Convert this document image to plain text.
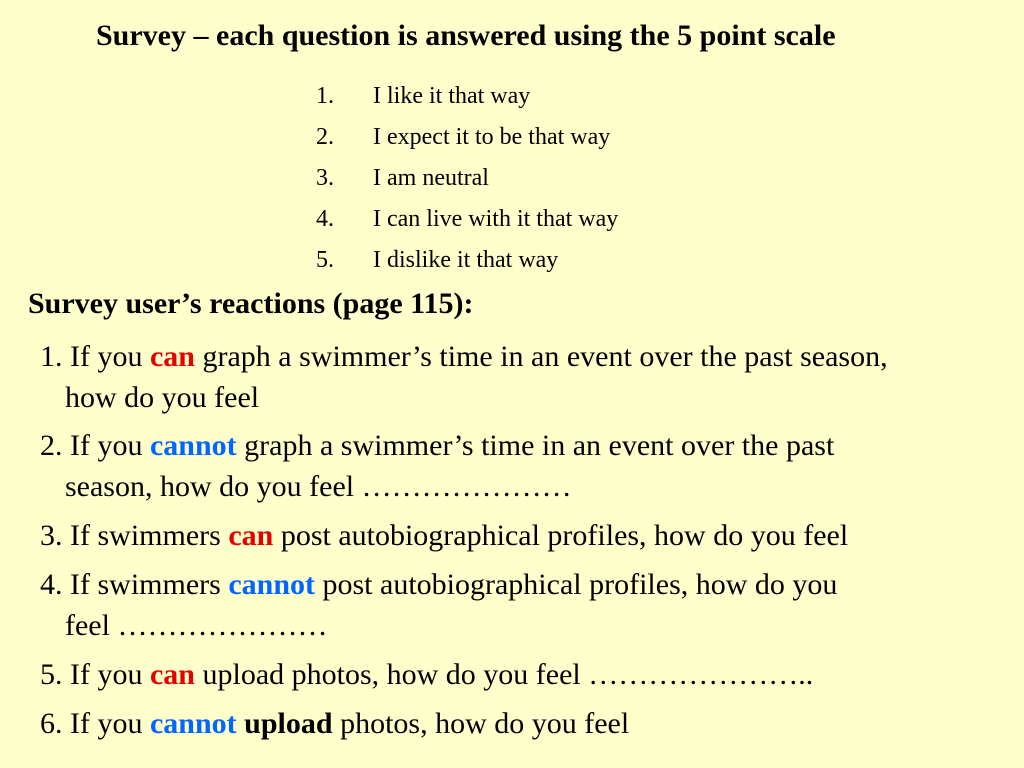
Survey – each question is answered using the 5 point scale
1. I like it that way
2. I expect it to be that way
3. I am neutral
4. I can live with it that way
5. I dislike it that way
Survey user’s reactions (page 115):
1. If you can graph a swimmer’s time in an event over the past season,
how do you feel
2. If you cannot graph a swimmer’s time in an event over the past
season, how do you feel …………………
3. If swimmers can post autobiographical profiles, how do you feel
4. If swimmers cannot post autobiographical profiles, how do you
feel …………………
5. If you can upload photos, how do you feel …………………..
6. If you cannot upload photos, how do you feel
